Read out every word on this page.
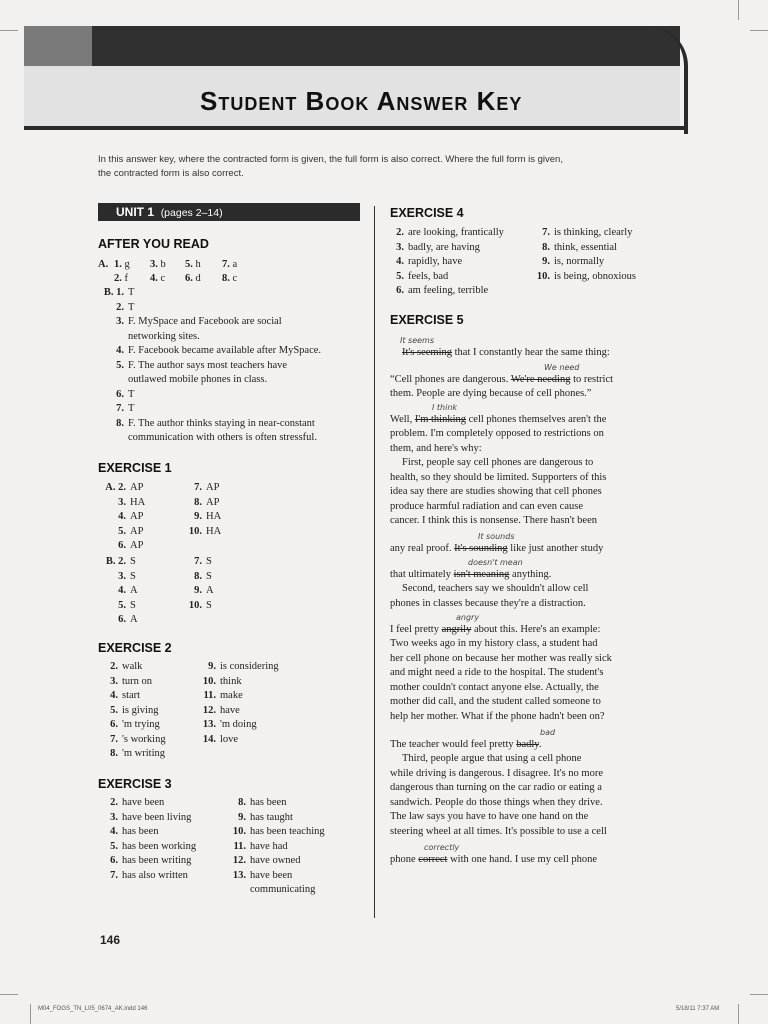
Student Book Answer Key
In this answer key, where the contracted form is given, the full form is also correct. Where the full form is given, the contracted form is also correct.
UNIT 1 (pages 2–14)
AFTER YOU READ
A. 1. g
2. f
3. b
4. c
5. h
6. d
7. a
8. c
B. 1. T
2. T
3. F. MySpace and Facebook are social
networking sites.
4. F. Facebook became available after MySpace.
5. F. The author says most teachers have
outlawed mobile phones in class.
6. T
7. T
8. F. The author thinks staying in near-constant
communication with others is often stressful.
EXERCISE 1
A. 2. AP
3. HA
4. AP
5. AP
6. AP
7. AP
8. AP
9. HA
10. HA
B. 2. S
3. S
4. A
5. S
6. A
7. S
8. S
9. A
10. S
EXERCISE 2
2. walk
3. turn on
4. start
5. is giving
6. 'm trying
7. 's working
8. 'm writing
9. is considering
10. think
11. make
12. have
13. 'm doing
14. love
EXERCISE 3
2. have been
3. have been living
4. has been
5. has been working
6. has been writing
7. has also written
8. has been
9. has taught
10. has been teaching
11. have had
12. have owned
13. have been
communicating
EXERCISE 4
2. are looking, frantically
3. badly, are having
4. rapidly, have
5. feels, bad
6. am feeling, terrible
7. is thinking, clearly
8. think, essential
9. is, normally
10. is being, obnoxious
EXERCISE 5
It seems
It's seeming that I constantly hear the same thing:
We need
“Cell phones are dangerous. We're needing to restrict
them. People are dying because of cell phones.”
I think
Well, I'm thinking cell phones themselves aren't the
problem. I'm completely opposed to restrictions on
them, and here's why:
First, people say cell phones are dangerous to
health, so they should be limited. Supporters of this
idea say there are studies showing that cell phones
produce harmful radiation and can even cause
cancer. I think this is nonsense. There hasn't been
It sounds
any real proof. It's sounding like just another study
doesn't mean
that ultimately isn't meaning anything.
Second, teachers say we shouldn't allow cell
phones in classes because they're a distraction.
angry
I feel pretty angrily about this. Here's an example:
Two weeks ago in my history class, a student had
her cell phone on because her mother was really sick
and might need a ride to the hospital. The student's
mother couldn't contact anyone else. Actually, the
mother did call, and the student called someone to
help her mother. What if the phone hadn't been on?
bad
The teacher would feel pretty badly.
Third, people argue that using a cell phone
while driving is dangerous. I disagree. It's no more
dangerous than turning on the car radio or eating a
sandwich. People do those things when they drive.
The law says you have to have one hand on the
steering wheel at all times. It's possible to use a cell
correctly
phone correct with one hand. I use my cell phone
146
M04_FOGS_TN_L05_0674_AK.indd 146	5/18/11 7:37 AM
